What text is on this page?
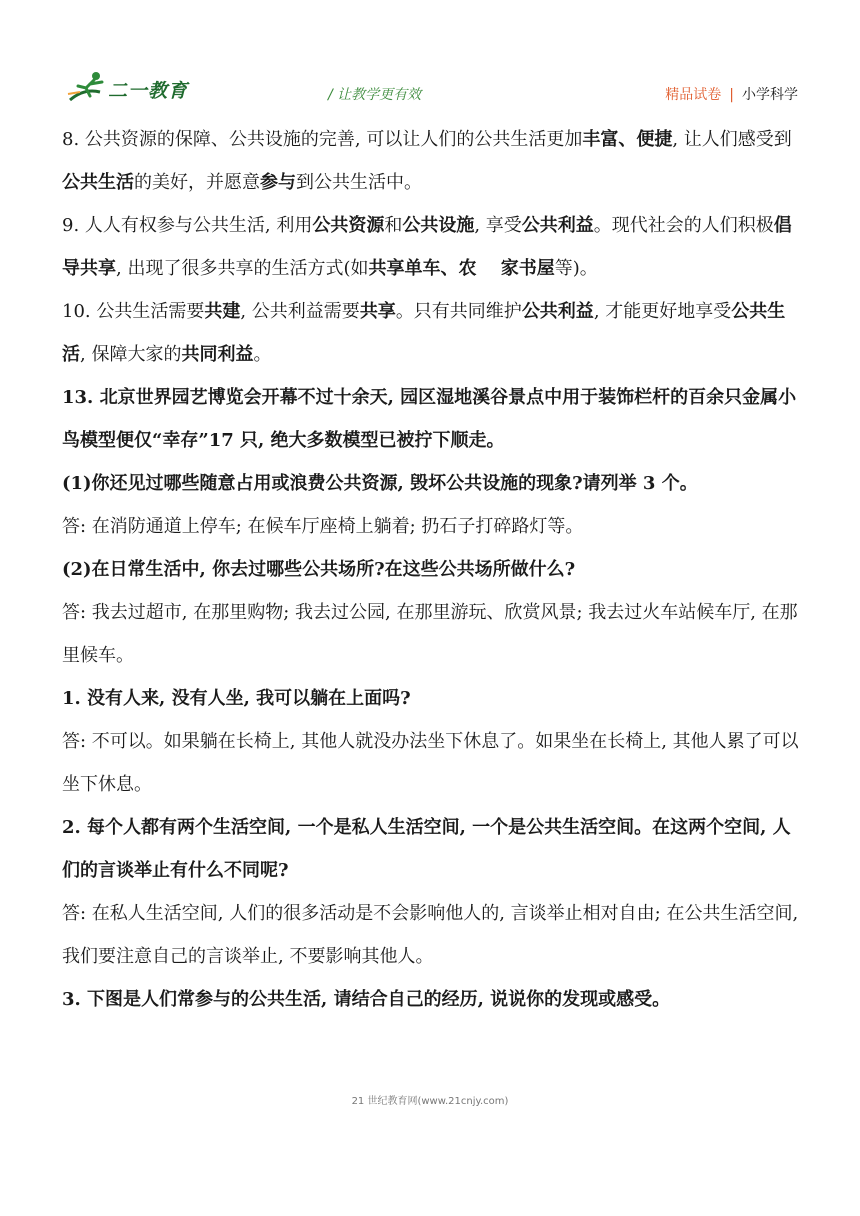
二一教育	/ 让教学更有效	精品试卷 | 小学科学

8. 公共资源的保障、公共设施的完善, 可以让人们的公共生活更加丰富、便捷, 让人们感受到公共生活的美好，并愿意参与到公共生活中。

9. 人人有权参与公共生活, 利用公共资源和公共设施, 享受公共利益。现代社会的人们积极倡导共享, 出现了很多共享的生活方式(如共享单车、农　 家书屋等)。

10. 公共生活需要共建, 公共利益需要共享。只有共同维护公共利益, 才能更好地享受公共生活, 保障大家的共同利益。

13. 北京世界园艺博览会开幕不过十余天, 园区湿地溪谷景点中用于装饰栏杆的百余只金属小鸟模型便仅“幸存”17 只, 绝大多数模型已被拧下顺走。

(1)你还见过哪些随意占用或浪费公共资源, 毁坏公共设施的现象?请列举 3 个。

答: 在消防通道上停车; 在候车厅座椅上躺着; 扔石子打碎路灯等。

(2)在日常生活中, 你去过哪些公共场所?在这些公共场所做什么?

答: 我去过超市, 在那里购物; 我去过公园, 在那里游玩、欣赏风景; 我去过火车站候车厅, 在那里候车。

1. 没有人来, 没有人坐, 我可以躺在上面吗?

答: 不可以。如果躺在长椅上, 其他人就没办法坐下休息了。如果坐在长椅上, 其他人累了可以坐下休息。

2. 每个人都有两个生活空间, 一个是私人生活空间, 一个是公共生活空间。在这两个空间, 人们的言谈举止有什么不同呢?

答: 在私人生活空间, 人们的很多活动是不会影响他人的, 言谈举止相对自由; 在公共生活空间, 我们要注意自己的言谈举止, 不要影响其他人。

3. 下图是人们常参与的公共生活, 请结合自己的经历, 说说你的发现或感受。

21 世纪教育网(www.21cnjy.com)
